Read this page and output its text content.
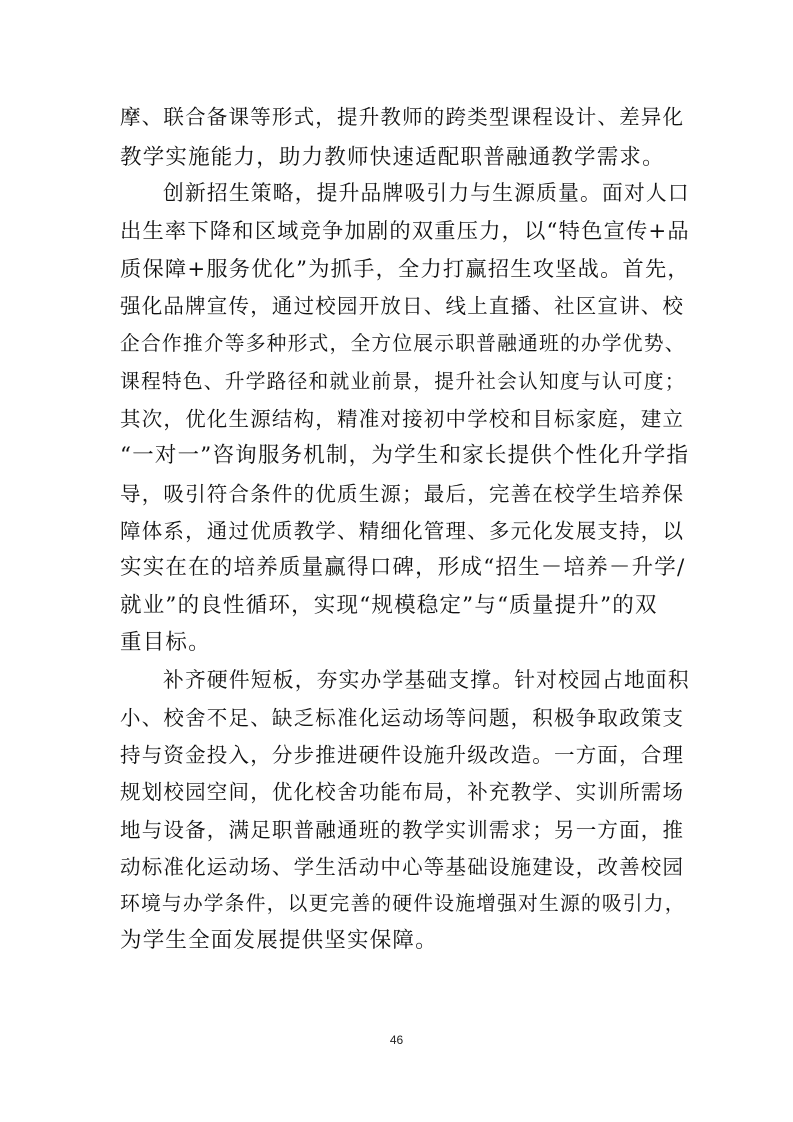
摩、联合备课等形式，提升教师的跨类型课程设计、差异化
教学实施能力，助力教师快速适配职普融通教学需求。
创新招生策略，提升品牌吸引力与生源质量。面对人口
出生率下降和区域竞争加剧的双重压力，以“特色宣传+品
质保障+服务优化”为抓手，全力打赢招生攻坚战。首先，
强化品牌宣传，通过校园开放日、线上直播、社区宣讲、校
企合作推介等多种形式，全方位展示职普融通班的办学优势、
课程特色、升学路径和就业前景，提升社会认知度与认可度；
其次，优化生源结构，精准对接初中学校和目标家庭，建立
“一对一”咨询服务机制，为学生和家长提供个性化升学指
导，吸引符合条件的优质生源；最后，完善在校学生培养保
障体系，通过优质教学、精细化管理、多元化发展支持，以
实实在在的培养质量赢得口碑，形成“招生－培养－升学/
就业”的良性循环，实现“规模稳定”与“质量提升”的双
重目标。
补齐硬件短板，夯实办学基础支撑。针对校园占地面积
小、校舍不足、缺乏标准化运动场等问题，积极争取政策支
持与资金投入，分步推进硬件设施升级改造。一方面，合理
规划校园空间，优化校舍功能布局，补充教学、实训所需场
地与设备，满足职普融通班的教学实训需求；另一方面，推
动标准化运动场、学生活动中心等基础设施建设，改善校园
环境与办学条件，以更完善的硬件设施增强对生源的吸引力，
为学生全面发展提供坚实保障。
46
